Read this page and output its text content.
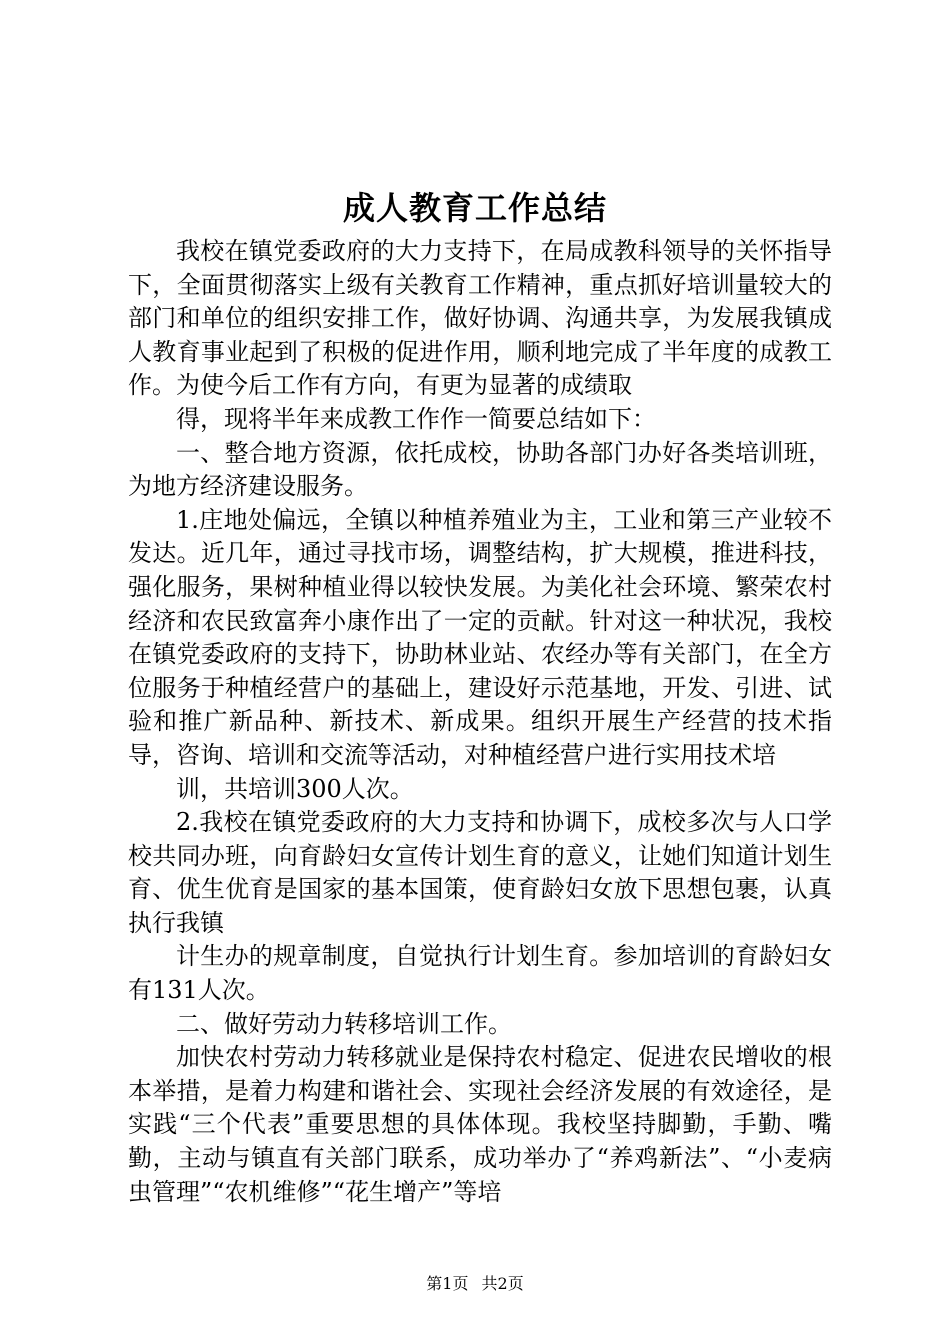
成人教育工作总结

我校在镇党委政府的大力支持下，在局成教科领导的关怀指导下，全面贯彻落实上级有关教育工作精神，重点抓好培训量较大的部门和单位的组织安排工作，做好协调、沟通共享，为发展我镇成人教育事业起到了积极的促进作用，顺利地完成了半年度的成教工作。为使今后工作有方向，有更为显著的成绩取

得，现将半年来成教工作作一简要总结如下：

一、整合地方资源，依托成校，协助各部门办好各类培训班，为地方经济建设服务。

1.庄地处偏远，全镇以种植养殖业为主，工业和第三产业较不发达。近几年，通过寻找市场，调整结构，扩大规模，推进科技，强化服务，果树种植业得以较快发展。为美化社会环境、繁荣农村经济和农民致富奔小康作出了一定的贡献。针对这一种状况，我校在镇党委政府的支持下，协助林业站、农经办等有关部门，在全方位服务于种植经营户的基础上，建设好示范基地，开发、引进、试验和推广新品种、新技术、新成果。组织开展生产经营的技术指导，咨询、培训和交流等活动，对种植经营户进行实用技术培

训，共培训300人次。

2.我校在镇党委政府的大力支持和协调下，成校多次与人口学校共同办班，向育龄妇女宣传计划生育的意义，让她们知道计划生育、优生优育是国家的基本国策，使育龄妇女放下思想包裹，认真执行我镇

计生办的规章制度，自觉执行计划生育。参加培训的育龄妇女有131人次。

二、做好劳动力转移培训工作。

加快农村劳动力转移就业是保持农村稳定、促进农民增收的根本举措，是着力构建和谐社会、实现社会经济发展的有效途径，是实践“三个代表”重要思想的具体体现。我校坚持脚勤，手勤、嘴勤，主动与镇直有关部门联系，成功举办了“养鸡新法”、“小麦病虫管理”“农机维修”“花生增产”等培

第1页 共2页
